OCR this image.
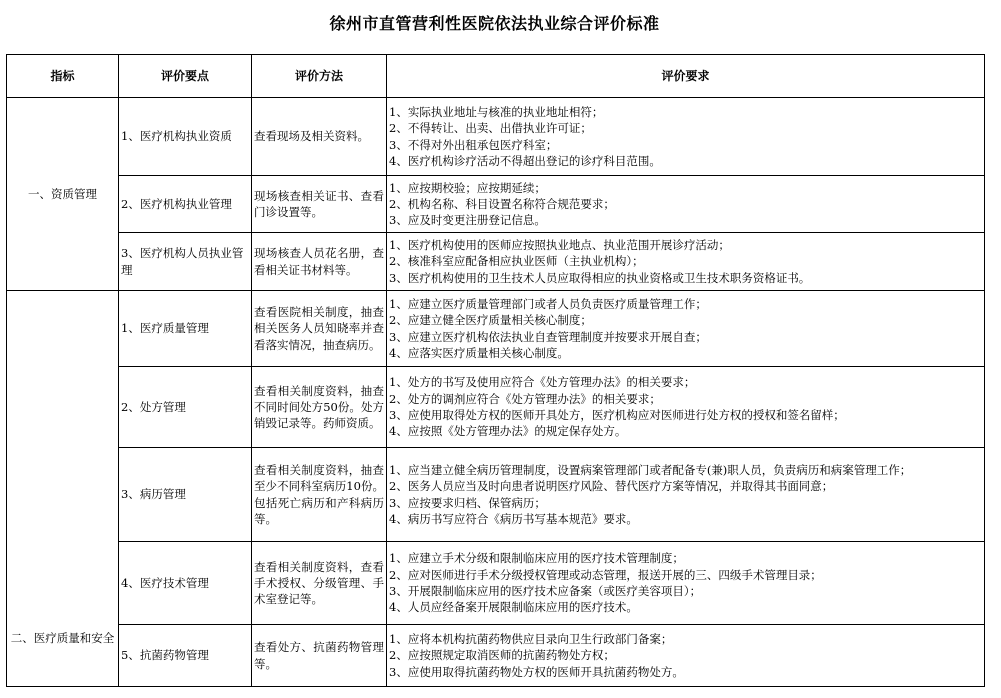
徐州市直管营利性医院依法执业综合评价标准
指标	评价要点	评价方法	评价要求
一、资质管理	1、医疗机构执业资质	查看现场及相关资料。	1、实际执业地址与核准的执业地址相符；
2、不得转让、出卖、出借执业许可证；
3、不得对外出租承包医疗科室；
4、医疗机构诊疗活动不得超出登记的诊疗科目范围。

	2、医疗机构执业管理	现场核查相关证书、查看门诊设置等。	1、应按期校验；应按期延续；
2、机构名称、科目设置名称符合规范要求；
3、应及时变更注册登记信息。

	3、医疗机构人员执业管理	现场核查人员花名册，查看相关证书材料等。	1、医疗机构使用的医师应按照执业地点、执业范围开展诊疗活动；
2、核准科室应配备相应执业医师（主执业机构）；
3、医疗机构使用的卫生技术人员应取得相应的执业资格或卫生技术职务资格证书。

二、医疗质量和安全	1、医疗质量管理	查看医院相关制度，抽查相关医务人员知晓率并查看落实情况，抽查病历。	1、应建立医疗质量管理部门或者人员负责医疗质量管理工作；
2、应建立健全医疗质量相关核心制度；
3、应建立医疗机构依法执业自查管理制度并按要求开展自查；
4、应落实医疗质量相关核心制度。

	2、处方管理	查看相关制度资料，抽查不同时间处方50份。处方销毁记录等。药师资质。	1、处方的书写及使用应符合《处方管理办法》的相关要求；
2、处方的调剂应符合《处方管理办法》的相关要求；
3、应使用取得处方权的医师开具处方，医疗机构应对医师进行处方权的授权和签名留样；
4、应按照《处方管理办法》的规定保存处方。

	3、病历管理	查看相关制度资料，抽查至少不同科室病历10份。包括死亡病历和产科病历等。	1、应当建立健全病历管理制度，设置病案管理部门或者配备专(兼)职人员，负责病历和病案管理工作；
2、医务人员应当及时向患者说明医疗风险、替代医疗方案等情况，并取得其书面同意；
3、应按要求归档、保管病历；
4、病历书写应符合《病历书写基本规范》要求。

	4、医疗技术管理	查看相关制度资料，查看手术授权、分级管理、手术室登记等。	1、应建立手术分级和限制临床应用的医疗技术管理制度；
2、应对医师进行手术分级授权管理或动态管理，报送开展的三、四级手术管理目录；
3、开展限制临床应用的医疗技术应备案（或医疗美容项目）；
4、人员应经备案开展限制临床应用的医疗技术。

	5、抗菌药物管理	查看处方、抗菌药物管理等。	1、应将本机构抗菌药物供应目录向卫生行政部门备案；
2、应按照规定取消医师的抗菌药物处方权；
3、应使用取得抗菌药物处方权的医师开具抗菌药物处方。
